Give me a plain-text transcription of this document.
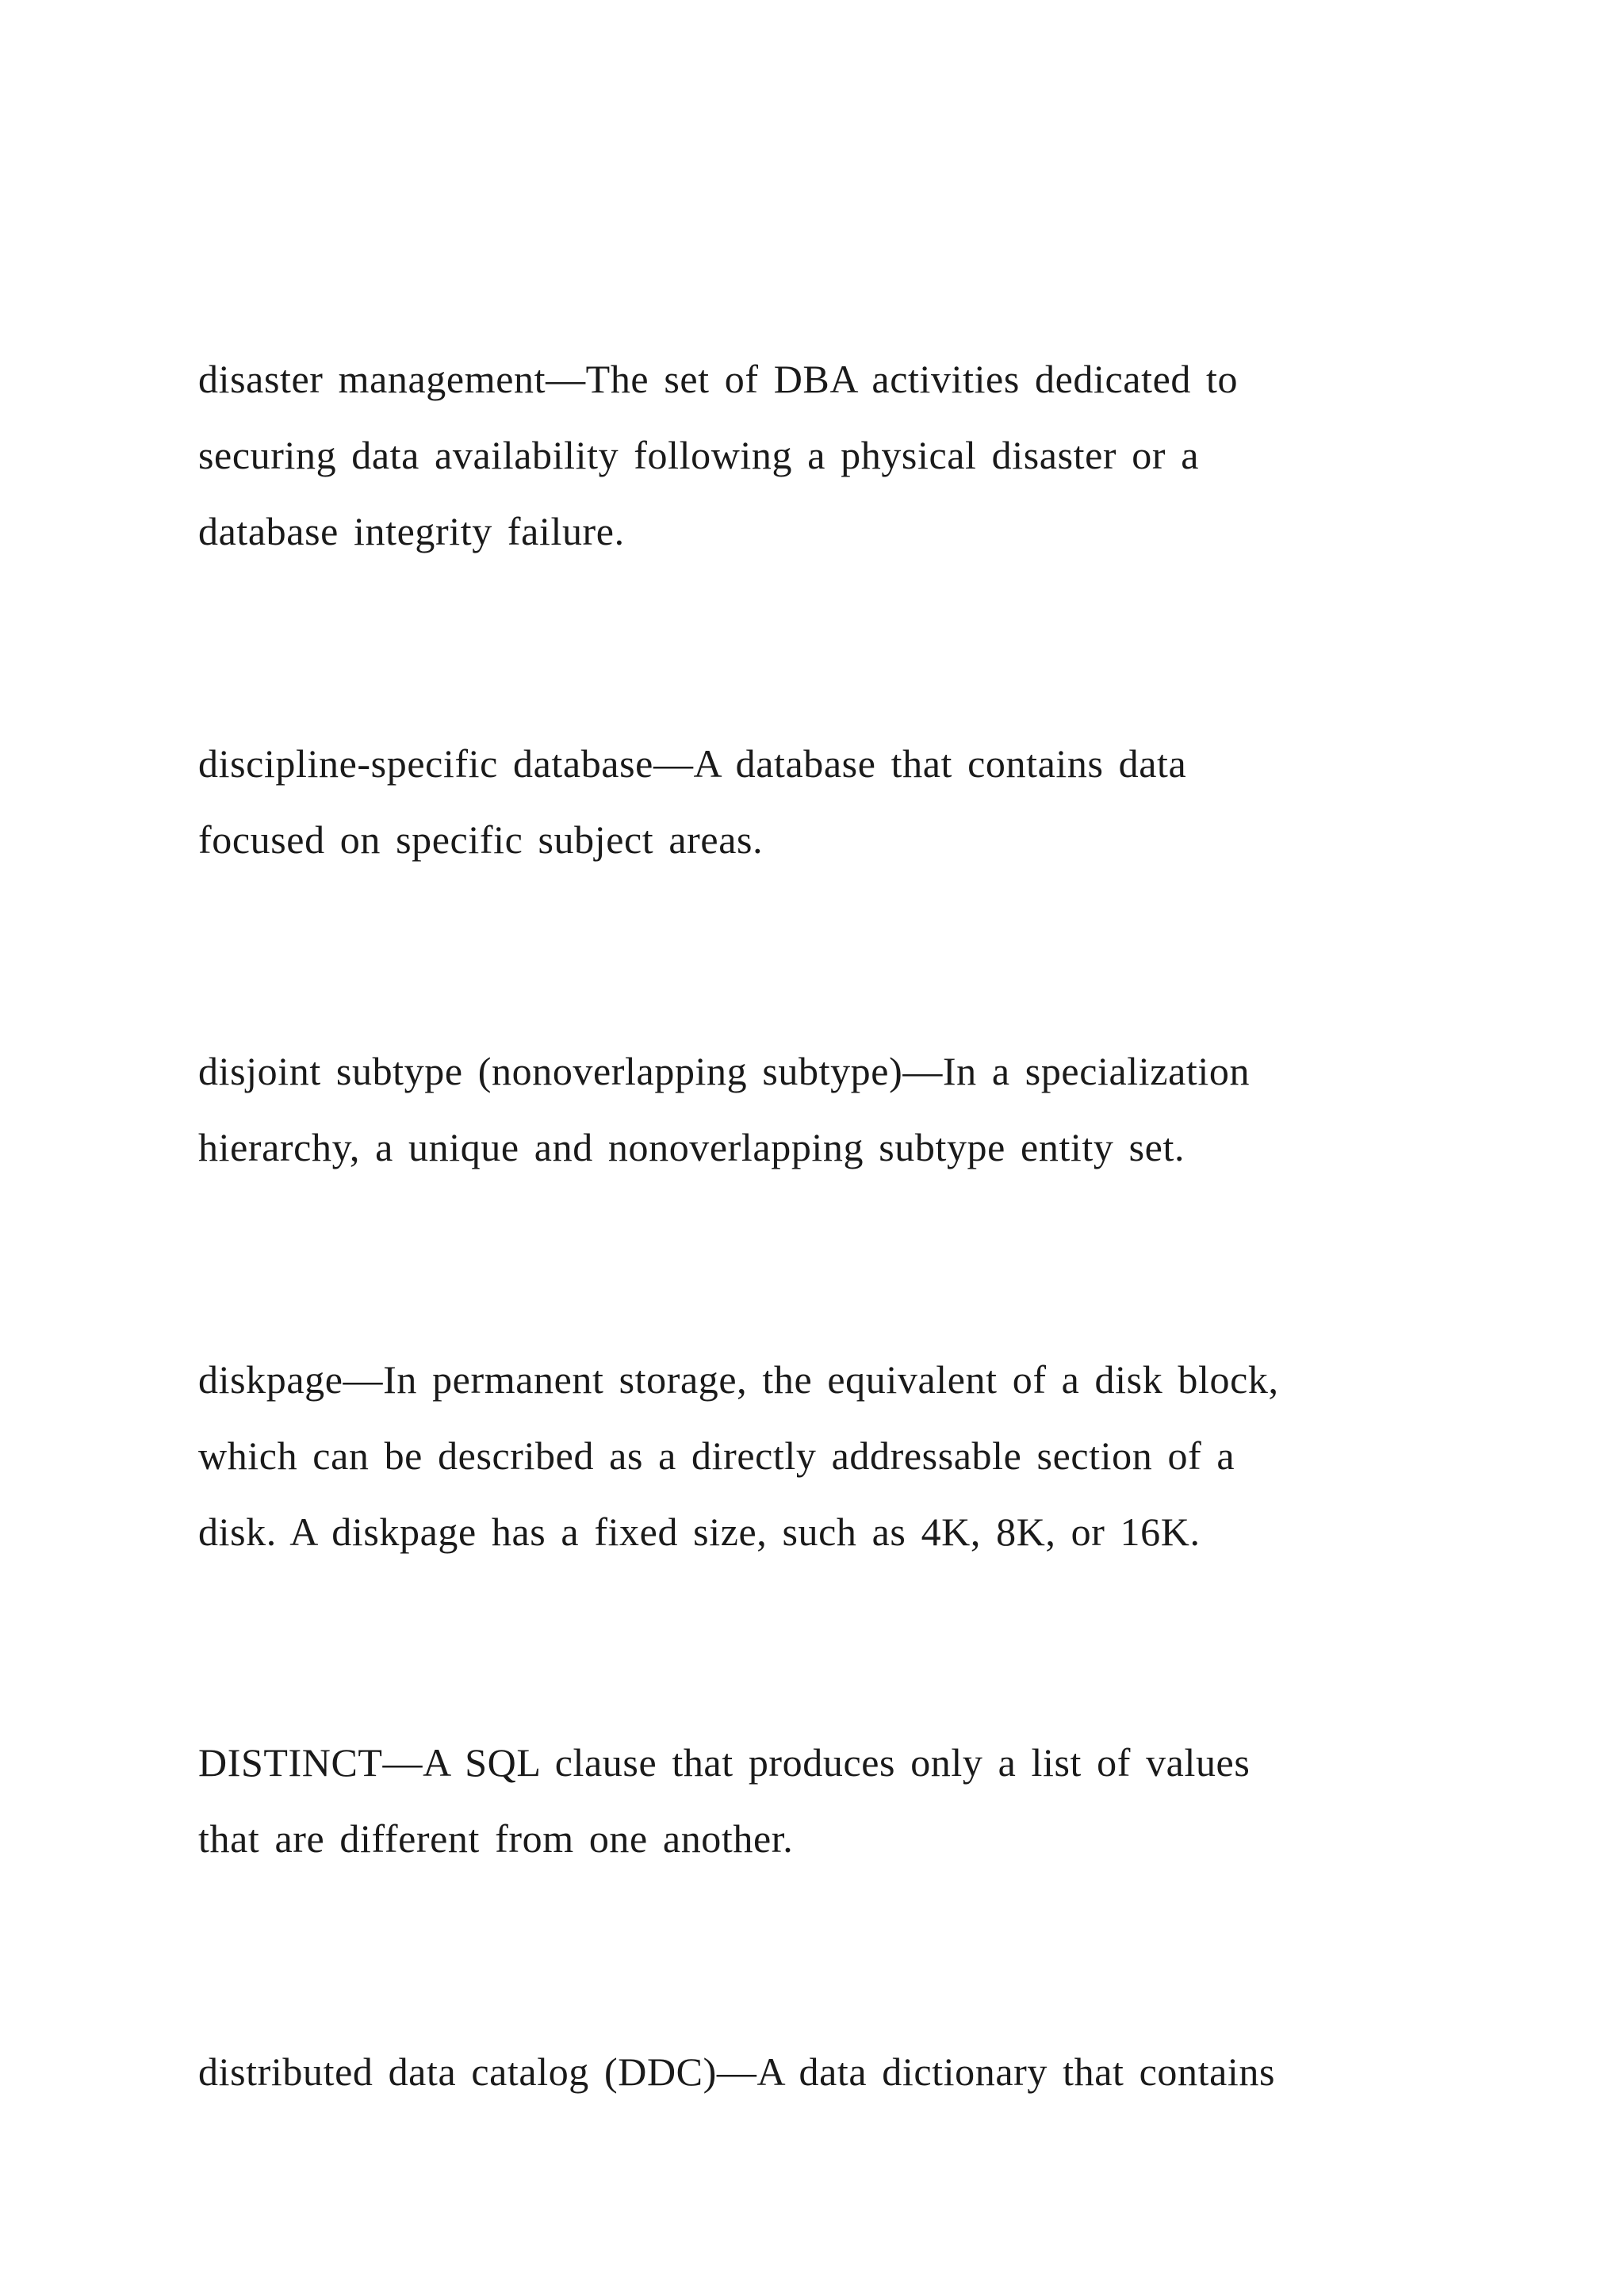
disaster management—The set of DBA activities dedicated to
securing data availability following a physical disaster or a
database integrity failure.
discipline-specific database—A database that contains data
focused on specific subject areas.
disjoint subtype (nonoverlapping subtype)—In a specialization
hierarchy, a unique and nonoverlapping subtype entity set.
diskpage—In permanent storage, the equivalent of a disk block,
which can be described as a directly addressable section of a
disk. A diskpage has a fixed size, such as 4K, 8K, or 16K.
DISTINCT—A SQL clause that produces only a list of values
that are different from one another.
distributed data catalog (DDC)—A data dictionary that contains
